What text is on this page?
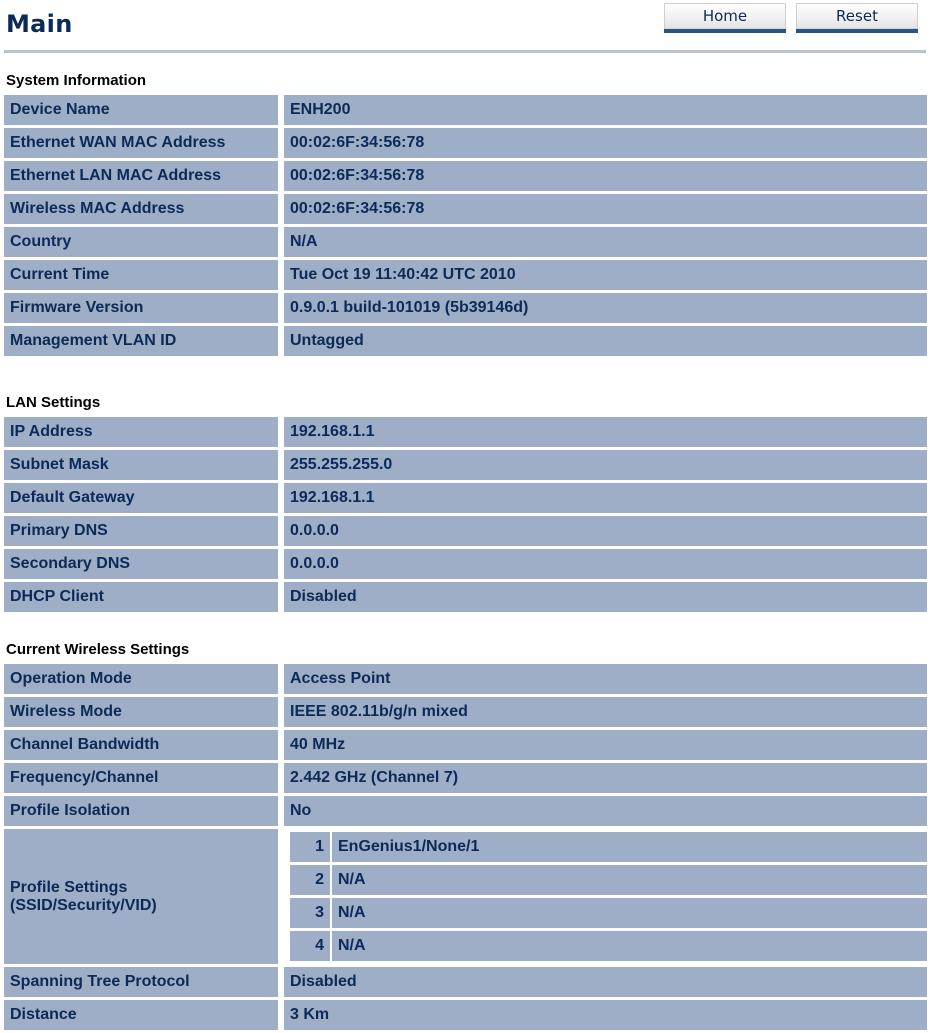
Main	Home	Reset
System Information
Device Name	ENH200
Ethernet WAN MAC Address	00:02:6F:34:56:78
Ethernet LAN MAC Address	00:02:6F:34:56:78
Wireless MAC Address	00:02:6F:34:56:78
Country	N/A
Current Time	Tue Oct 19 11:40:42 UTC 2010
Firmware Version	0.9.0.1 build-101019 (5b39146d)
Management VLAN ID	Untagged
LAN Settings
IP Address	192.168.1.1
Subnet Mask	255.255.255.0
Default Gateway	192.168.1.1
Primary DNS	0.0.0.0
Secondary DNS	0.0.0.0
DHCP Client	Disabled
Current Wireless Settings
Operation Mode	Access Point
Wireless Mode	IEEE 802.11b/g/n mixed
Channel Bandwidth	40 MHz
Frequency/Channel	2.442 GHz (Channel 7)
Profile Isolation	No

Profile Settings
(SSID/Security/VID)

1	EnGenius1/None/1
2	N/A
3	N/A
4	N/A

Spanning Tree Protocol	Disabled
Distance	3 Km
